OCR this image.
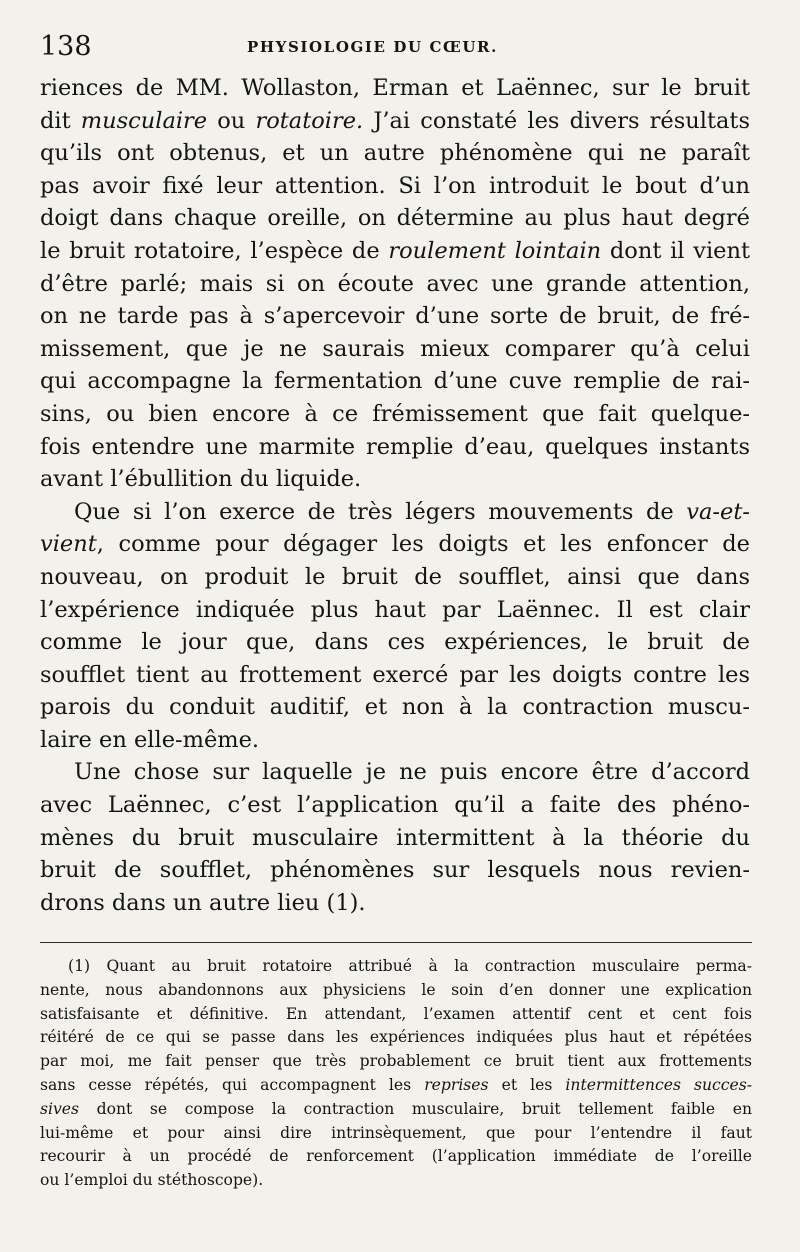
138	PHYSIOLOGIE DU CŒUR.
riences de MM. Wollaston, Erman et Laënnec, sur le bruit
dit musculaire ou rotatoire. J’ai constaté les divers résultats
qu’ils ont obtenus, et un autre phénomène qui ne paraît
pas avoir fixé leur attention. Si l’on introduit le bout d’un
doigt dans chaque oreille, on détermine au plus haut degré
le bruit rotatoire, l’espèce de roulement lointain dont il vient
d’être parlé; mais si on écoute avec une grande attention,
on ne tarde pas à s’apercevoir d’une sorte de bruit, de fré-
missement, que je ne saurais mieux comparer qu’à celui
qui accompagne la fermentation d’une cuve remplie de rai-
sins, ou bien encore à ce frémissement que fait quelque-
fois entendre une marmite remplie d’eau, quelques instants
avant l’ébullition du liquide.
Que si l’on exerce de très légers mouvements de va-et-
vient, comme pour dégager les doigts et les enfoncer de
nouveau, on produit le bruit de soufflet, ainsi que dans
l’expérience indiquée plus haut par Laënnec. Il est clair
comme le jour que, dans ces expériences, le bruit de
soufflet tient au frottement exercé par les doigts contre les
parois du conduit auditif, et non à la contraction muscu-
laire en elle-même.
Une chose sur laquelle je ne puis encore être d’accord
avec Laënnec, c’est l’application qu’il a faite des phéno-
mènes du bruit musculaire intermittent à la théorie du
bruit de soufflet, phénomènes sur lesquels nous revien-
drons dans un autre lieu (1).
(1) Quant au bruit rotatoire attribué à la contraction musculaire perma-
nente, nous abandonnons aux physiciens le soin d’en donner une explication
satisfaisante et définitive. En attendant, l’examen attentif cent et cent fois
réitéré de ce qui se passe dans les expériences indiquées plus haut et répétées
par moi, me fait penser que très probablement ce bruit tient aux frottements
sans cesse répétés, qui accompagnent les reprises et les intermittences succes-
sives dont se compose la contraction musculaire, bruit tellement faible en
lui-même et pour ainsi dire intrinsèquement, que pour l’entendre il faut
recourir à un procédé de renforcement (l’application immédiate de l’oreille
ou l’emploi du stéthoscope).
